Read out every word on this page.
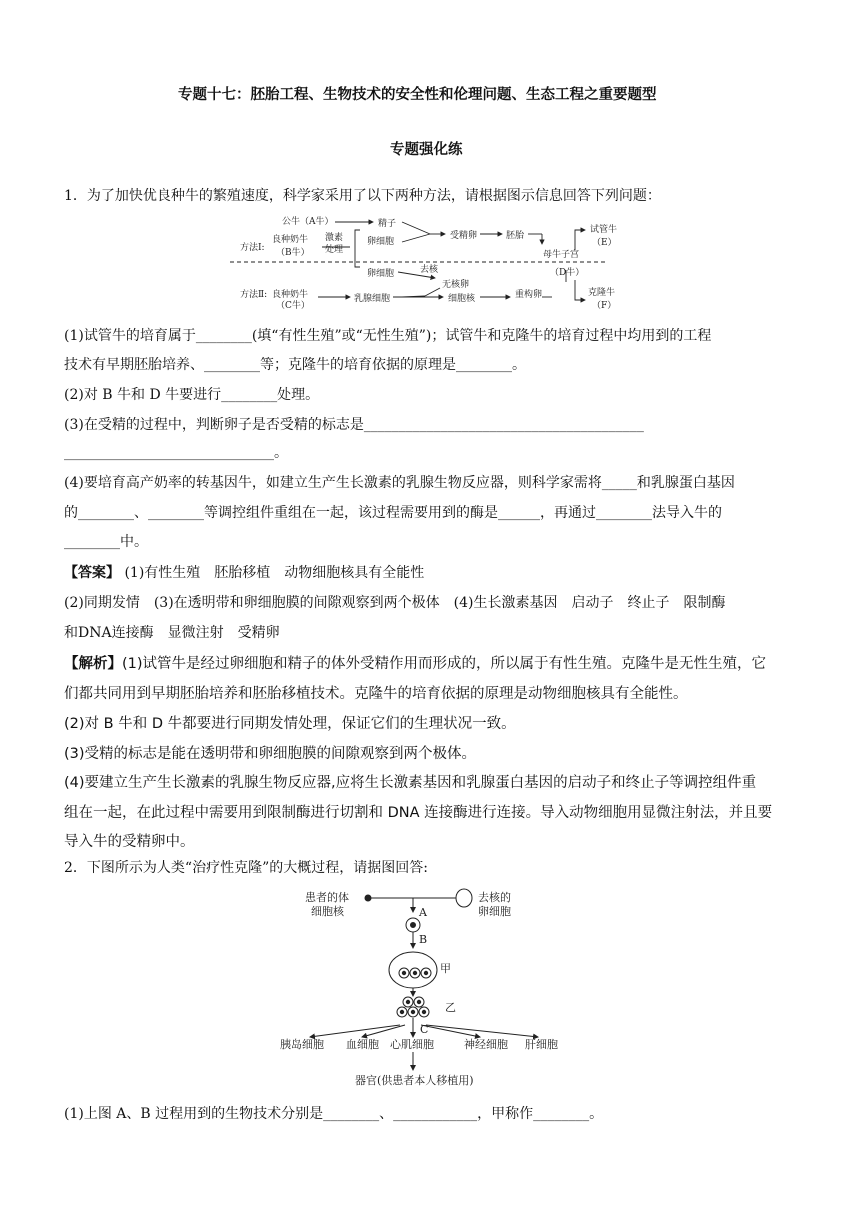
专题十七：胚胎工程、生物技术的安全性和伦理问题、生态工程之重要题型
专题强化练
1．为了加快优良种牛的繁殖速度，科学家采用了以下两种方法，请根据图示信息回答下列问题：
方法Ⅰ:
方法Ⅱ:
公牛（A牛）
良种奶牛
（B牛）
激素
处理
精子
卵细胞
受精卵	胚胎
母牛子宫
试管牛
（E）
（D牛）
卵细胞	去核
无核卵
良种奶牛
（C牛）
乳腺细胞	细胞核	重构卵	克隆牛
（F）
(1)试管牛的培育属于________(填“有性生殖”或“无性生殖”)；试管牛和克隆牛的培育过程中均用到的工程
技术有早期胚胎培养、________等；克隆牛的培育依据的原理是________。
(2)对 B 牛和 D 牛要进行________处理。
(3)在受精的过程中，判断卵子是否受精的标志是________________________________________
______________________________。
(4)要培育高产奶率的转基因牛，如建立生产生长激素的乳腺生物反应器，则科学家需将_____和乳腺蛋白基因
的________、________等调控组件重组在一起，该过程需要用到的酶是______，再通过________法导入牛的
________中。
【答案】 (1)有性生殖　胚胎移植　动物细胞核具有全能性
(2)同期发情　(3)在透明带和卵细胞膜的间隙观察到两个极体　(4)生长激素基因　启动子　终止子　限制酶
和DNA连接酶　显微注射　受精卵
【解析】(1)试管牛是经过卵细胞和精子的体外受精作用而形成的，所以属于有性生殖。克隆牛是无性生殖，它
们都共同用到早期胚胎培养和胚胎移植技术。克隆牛的培育依据的原理是动物细胞核具有全能性。
(2)对 B 牛和 D 牛都要进行同期发情处理，保证它们的生理状况一致。
(3)受精的标志是能在透明带和卵细胞膜的间隙观察到两个极体。
(4)要建立生产生长激素的乳腺生物反应器,应将生长激素基因和乳腺蛋白基因的启动子和终止子等调控组件重
组在一起，在此过程中需要用到限制酶进行切割和 DNA 连接酶进行连接。导入动物细胞用显微注射法，并且要
导入牛的受精卵中。
2．下图所示为人类“治疗性克隆”的大概过程，请据图回答:
患者的体
细胞核
去核的
卵细胞
A
B
甲
乙
C
胰岛细胞 血细胞 心肌细胞	神经细胞 肝细胞
器官(供患者本人移植用)
(1)上图 A、B 过程用到的生物技术分别是________、____________，甲称作________。
